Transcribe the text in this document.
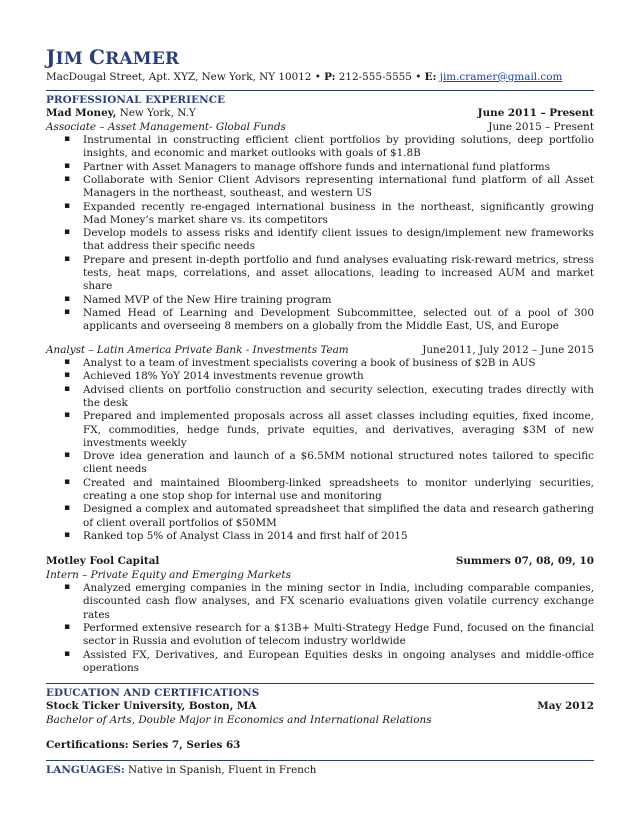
JIM CRAMER
MacDougal Street, Apt. XYZ, New York, NY 10012 • P: 212-555-5555 • E: jim.cramer@gmail.com
PROFESSIONAL EXPERIENCE
Mad Money, New York, N.Y	June 2011 – Present
Associate – Asset Management- Global Funds	June 2015 – Present
▪ Instrumental in constructing efficient client portfolios by providing solutions, deep portfolio insights, and economic and market outlooks with goals of $1.8B
▪ Partner with Asset Managers to manage offshore funds and international fund platforms
▪ Collaborate with Senior Client Advisors representing international fund platform of all Asset Managers in the northeast, southeast, and western US
▪ Expanded recently re-engaged international business in the northeast, significantly growing Mad Money’s market share vs. its competitors
▪ Develop models to assess risks and identify client issues to design/implement new frameworks that address their specific needs
▪ Prepare and present in-depth portfolio and fund analyses evaluating risk-reward metrics, stress tests, heat maps, correlations, and asset allocations, leading to increased AUM and market share
▪ Named MVP of the New Hire training program
▪ Named Head of Learning and Development Subcommittee, selected out of a pool of 300 applicants and overseeing 8 members on a globally from the Middle East, US, and Europe
Analyst – Latin America Private Bank - Investments Team	June2011, July 2012 – June 2015
▪ Analyst to a team of investment specialists covering a book of business of $2B in AUS
▪ Achieved 18% YoY 2014 investments revenue growth
▪ Advised clients on portfolio construction and security selection, executing trades directly with the desk
▪ Prepared and implemented proposals across all asset classes including equities, fixed income, FX, commodities, hedge funds, private equities, and derivatives, averaging $3M of new investments weekly
▪ Drove idea generation and launch of a $6.5MM notional structured notes tailored to specific client needs
▪ Created and maintained Bloomberg-linked spreadsheets to monitor underlying securities, creating a one stop shop for internal use and monitoring
▪ Designed a complex and automated spreadsheet that simplified the data and research gathering of client overall portfolios of $50MM
▪ Ranked top 5% of Analyst Class in 2014 and first half of 2015
Motley Fool Capital	Summers 07, 08, 09, 10
Intern – Private Equity and Emerging Markets
▪ Analyzed emerging companies in the mining sector in India, including comparable companies, discounted cash flow analyses, and FX scenario evaluations given volatile currency exchange rates
▪ Performed extensive research for a $13B+ Multi-Strategy Hedge Fund, focused on the financial sector in Russia and evolution of telecom industry worldwide
▪ Assisted FX, Derivatives, and European Equities desks in ongoing analyses and middle-office operations
EDUCATION AND CERTIFICATIONS
Stock Ticker University, Boston, MA	May 2012
Bachelor of Arts, Double Major in Economics and International Relations
Certifications: Series 7, Series 63
LANGUAGES: Native in Spanish, Fluent in French
